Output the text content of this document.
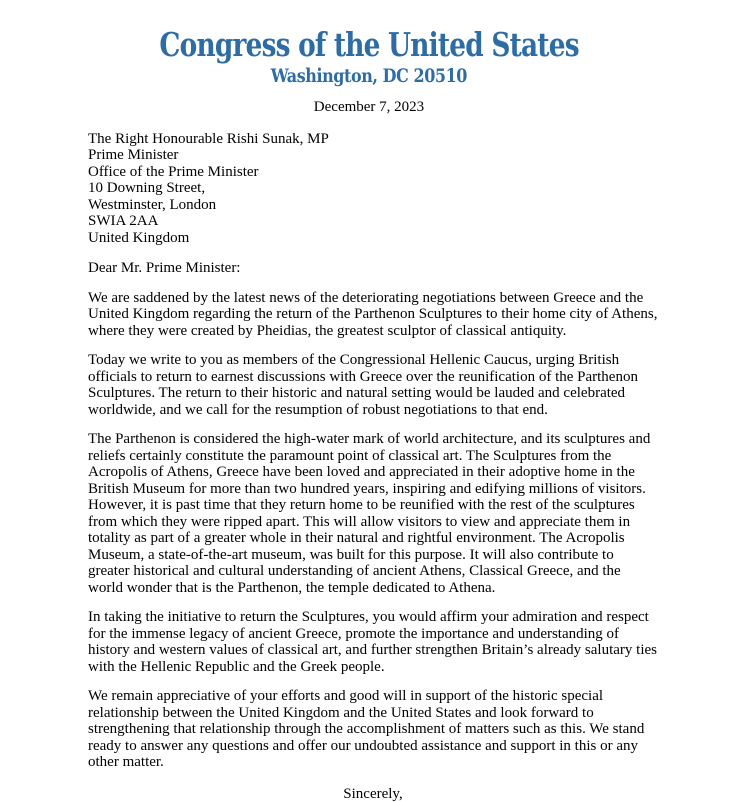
Congress of the United States
Washington, DC 20510
December 7, 2023
The Right Honourable Rishi Sunak, MP
Prime Minister
Office of the Prime Minister
10 Downing Street,
Westminster, London
SWIA 2AA
United Kingdom
Dear Mr. Prime Minister:

We are saddened by the latest news of the deteriorating negotiations between Greece and the United Kingdom regarding the return of the Parthenon Sculptures to their home city of Athens, where they were created by Pheidias, the greatest sculptor of classical antiquity.

Today we write to you as members of the Congressional Hellenic Caucus, urging British officials to return to earnest discussions with Greece over the reunification of the Parthenon Sculptures. The return to their historic and natural setting would be lauded and celebrated worldwide, and we call for the resumption of robust negotiations to that end.

The Parthenon is considered the high-water mark of world architecture, and its sculptures and reliefs certainly constitute the paramount point of classical art. The Sculptures from the Acropolis of Athens, Greece have been loved and appreciated in their adoptive home in the British Museum for more than two hundred years, inspiring and edifying millions of visitors. However, it is past time that they return home to be reunified with the rest of the sculptures from which they were ripped apart. This will allow visitors to view and appreciate them in totality as part of a greater whole in their natural and rightful environment. The Acropolis Museum, a state-of-the-art museum, was built for this purpose. It will also contribute to greater historical and cultural understanding of ancient Athens, Classical Greece, and the world wonder that is the Parthenon, the temple dedicated to Athena.

In taking the initiative to return the Sculptures, you would affirm your admiration and respect for the immense legacy of ancient Greece, promote the importance and understanding of history and western values of classical art, and further strengthen Britain’s already salutary ties with the Hellenic Republic and the Greek people.

We remain appreciative of your efforts and good will in support of the historic special relationship between the United Kingdom and the United States and look forward to strengthening that relationship through the accomplishment of matters such as this. We stand ready to answer any questions and offer our undoubted assistance and support in this or any other matter.

Sincerely,
